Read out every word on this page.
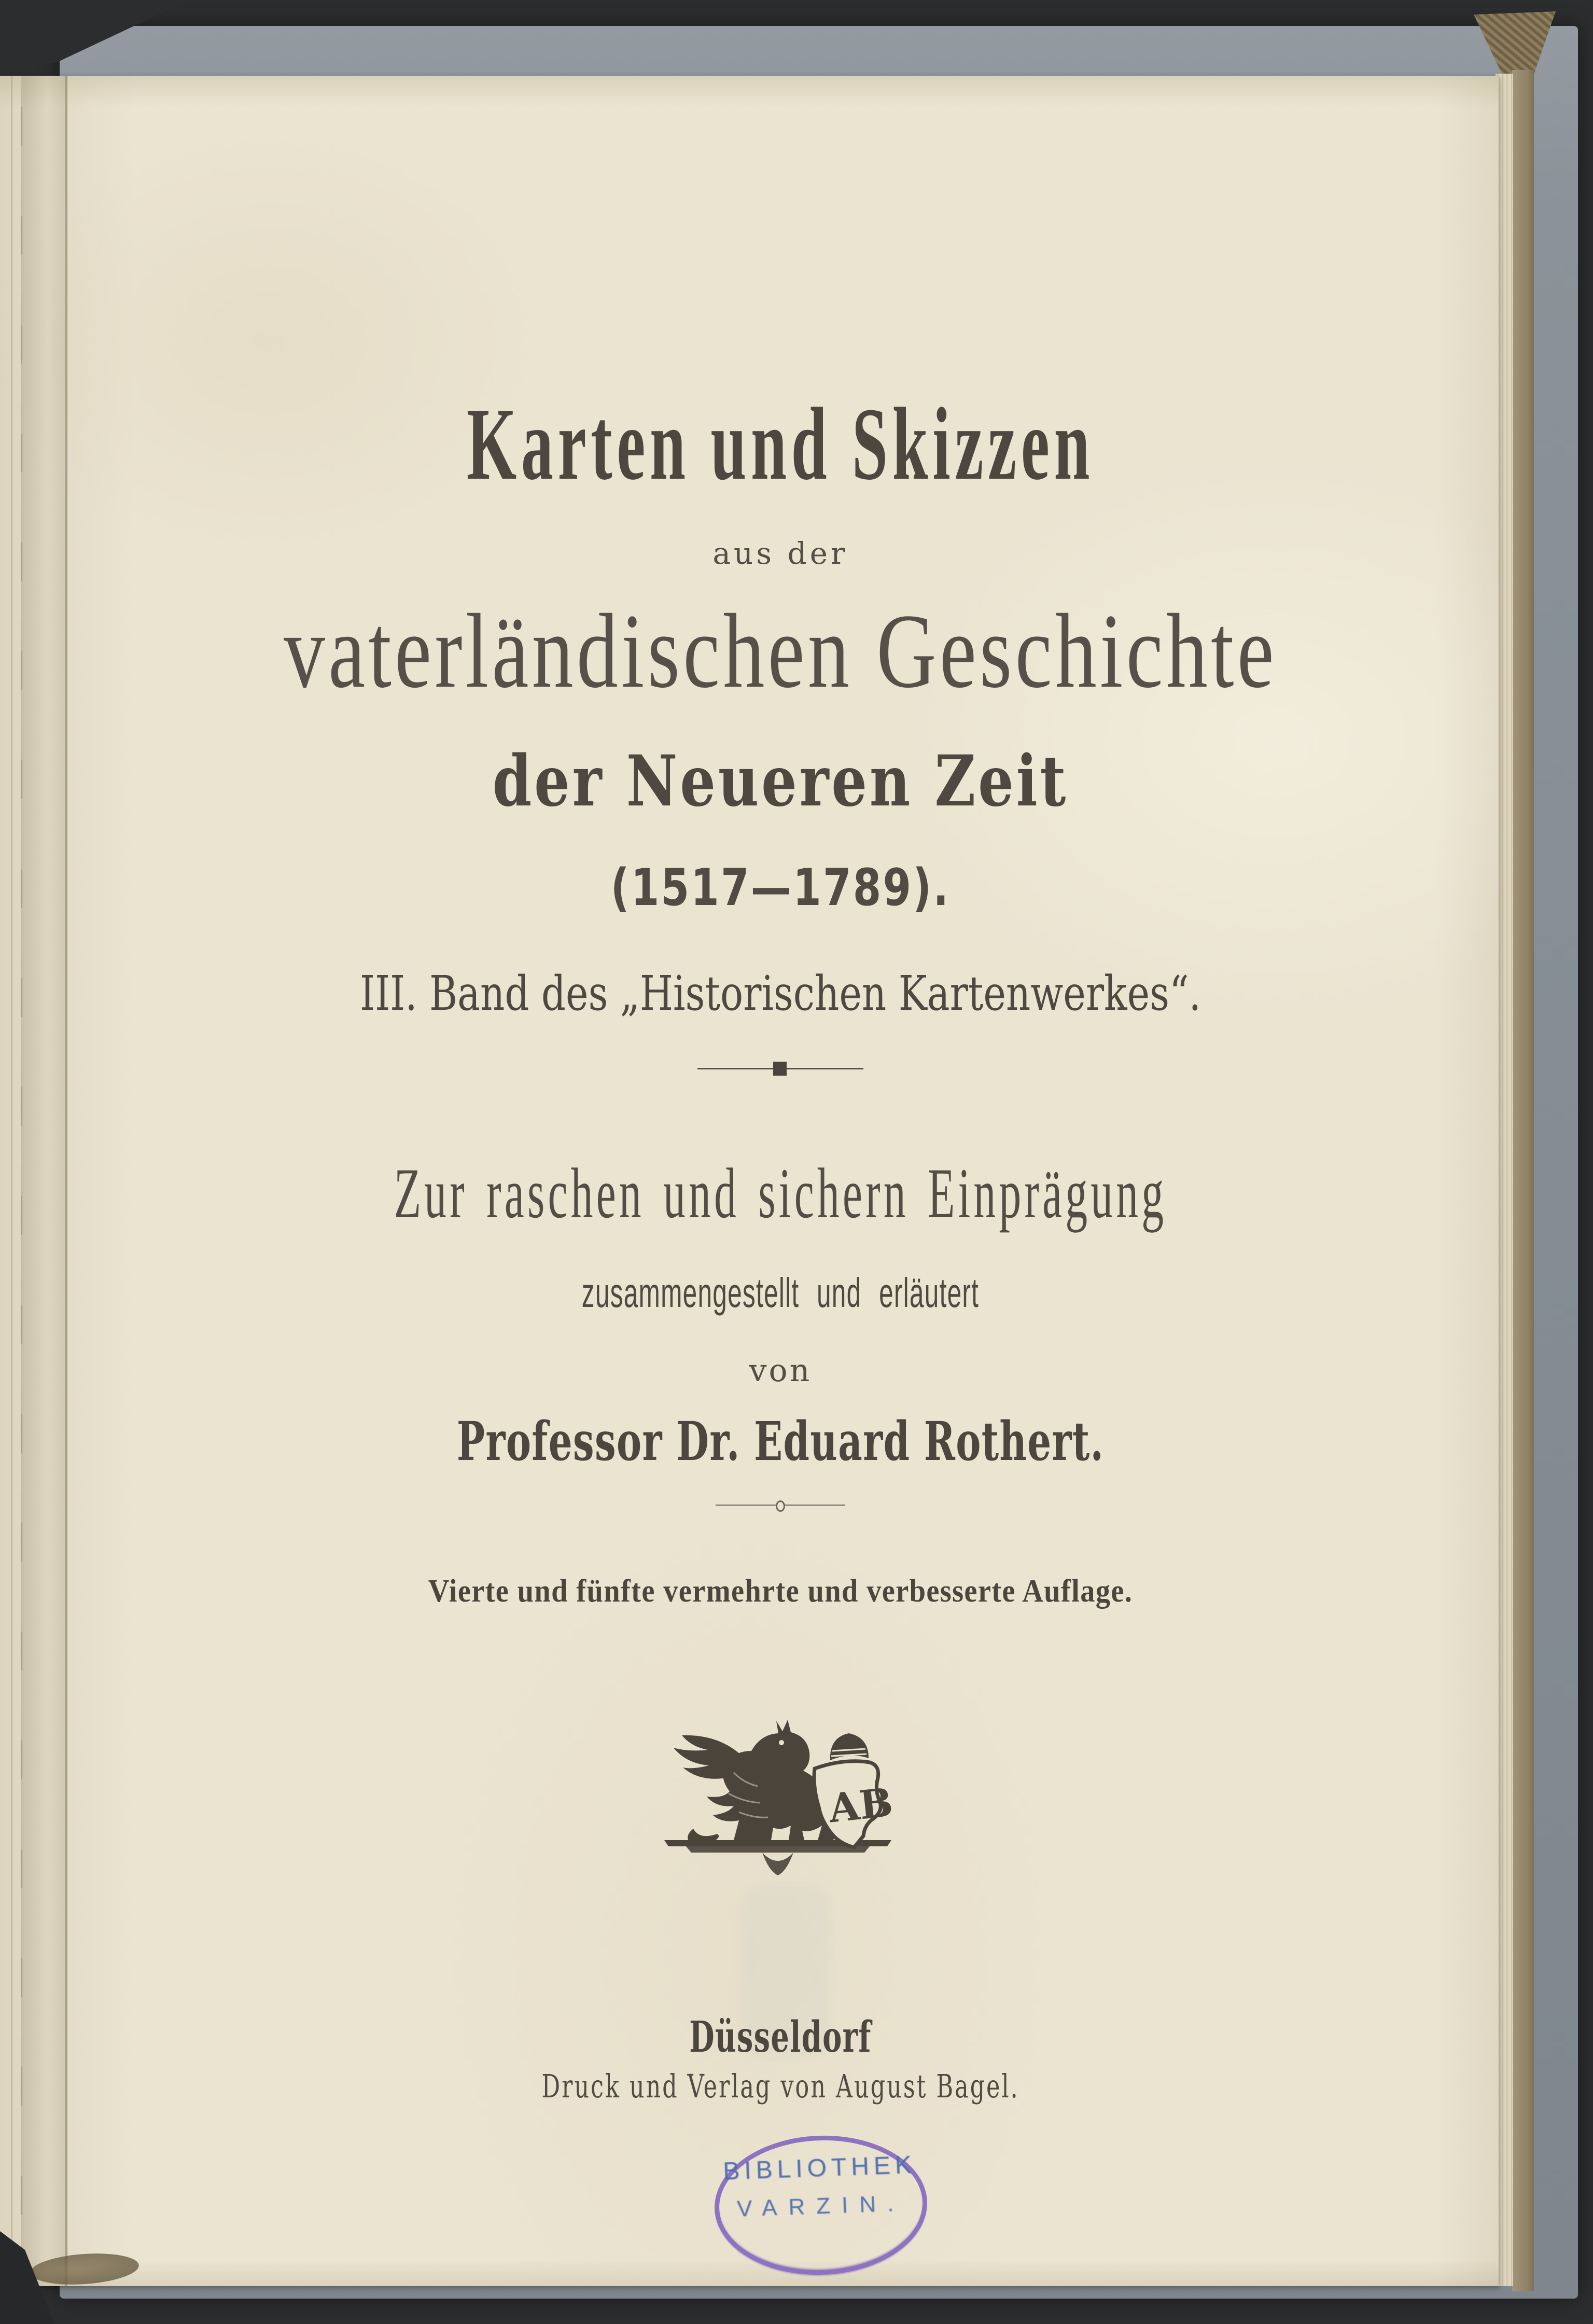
Karten und Skizzen
aus der
vaterländischen Geschichte
der Neueren Zeit
(1517—1789).
III. Band des „Historischen Kartenwerkes“.
Zur raschen und sichern Einprägung
zusammengestellt und erläutert
von
Professor Dr. Eduard Rothert.
Vierte und fünfte vermehrte und verbesserte Auflage.
AB
Düsseldorf
Druck und Verlag von August Bagel.
BIBLIOTHEK
VARZIN.
